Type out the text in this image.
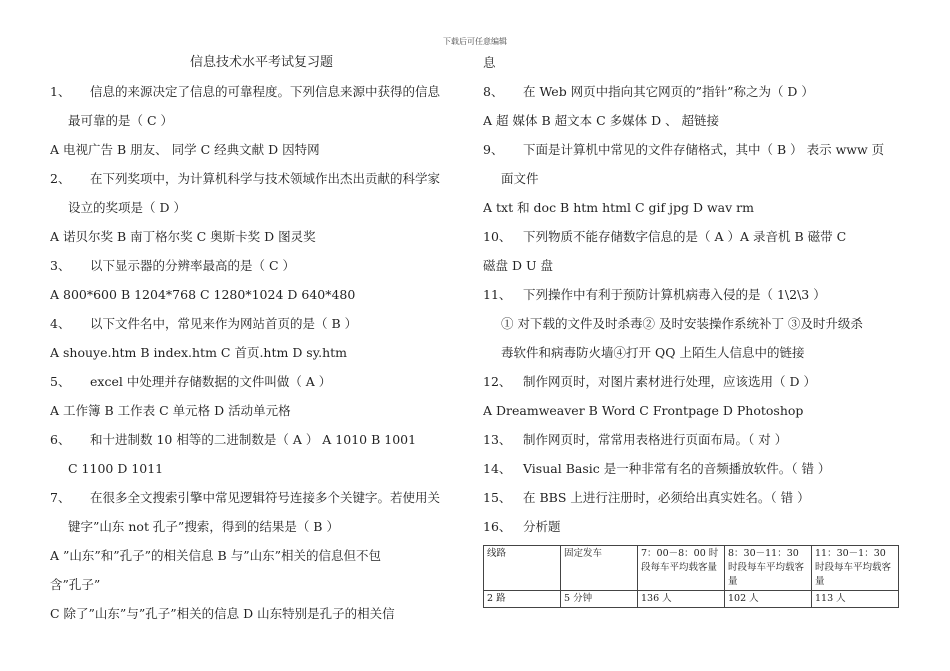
下载后可任意编辑
信息技术水平考试复习题
1、 信息的来源决定了信息的可靠程度。下列信息来源中获得的信息
最可靠的是（ C ）
A 电视广告 B 朋友、 同学 C 经典文献 D 因特网
2、 在下列奖项中，为计算机科学与技术领域作出杰出贡献的科学家
设立的奖项是（ D ）
A 诺贝尔奖 B 南丁格尔奖 C 奥斯卡奖 D 图灵奖
3、 以下显示器的分辨率最高的是（ C ）
A 800*600 B 1204*768 C 1280*1024 D 640*480
4、 以下文件名中，常见来作为网站首页的是（ B ）
A shouye.htm B index.htm C 首页.htm D sy.htm
5、 excel 中处理并存储数据的文件叫做（ A ）
A 工作簿 B 工作表 C 单元格 D 活动单元格
6、 和十进制数 10 相等的二进制数是（ A ） A 1010 B 1001
C 1100 D 1011
7、 在很多全文搜索引擎中常见逻辑符号连接多个关键字。若使用关
键字”山东 not 孔子”搜索，得到的结果是（ B ）
A ”山东”和”孔子”的相关信息 B 与”山东”相关的信息但不包
含”孔子”
C 除了”山东”与”孔子”相关的信息 D 山东特别是孔子的相关信
息
8、 在 Web 网页中指向其它网页的”指针”称之为（ D ）
A 超 媒体 B 超文本 C 多媒体 D 、 超链接
9、 下面是计算机中常见的文件存储格式，其中（ B ） 表示 www 页
面文件
A txt 和 doc B htm html C gif jpg D wav rm
10、 下列物质不能存储数字信息的是（ A ）A 录音机 B 磁带 C
磁盘 D U 盘
11、 下列操作中有利于预防计算机病毒入侵的是（ 1\2\3 ）
① 对下载的文件及时杀毒② 及时安装操作系统补丁 ③及时升级杀
毒软件和病毒防火墙④打开 QQ 上陌生人信息中的链接
12、 制作网页时，对图片素材进行处理，应该选用（ D ）
A Dreamweaver B Word C Frontpage D Photoshop
13、 制作网页时，常常用表格进行页面布局。（ 对 ）
14、 Visual Basic 是一种非常有名的音频播放软件。（ 错 ）
15、 在 BBS 上进行注册时，必须给出真实姓名。（ 错 ）
16、 分析题
线路	固定发车	7：00－8：00 时段每车平均载客量	8：30－11：30 时段每车平均载客量	11：30－1：30 时段每车平均载客量
2 路	5 分钟	136 人	102 人	113 人
